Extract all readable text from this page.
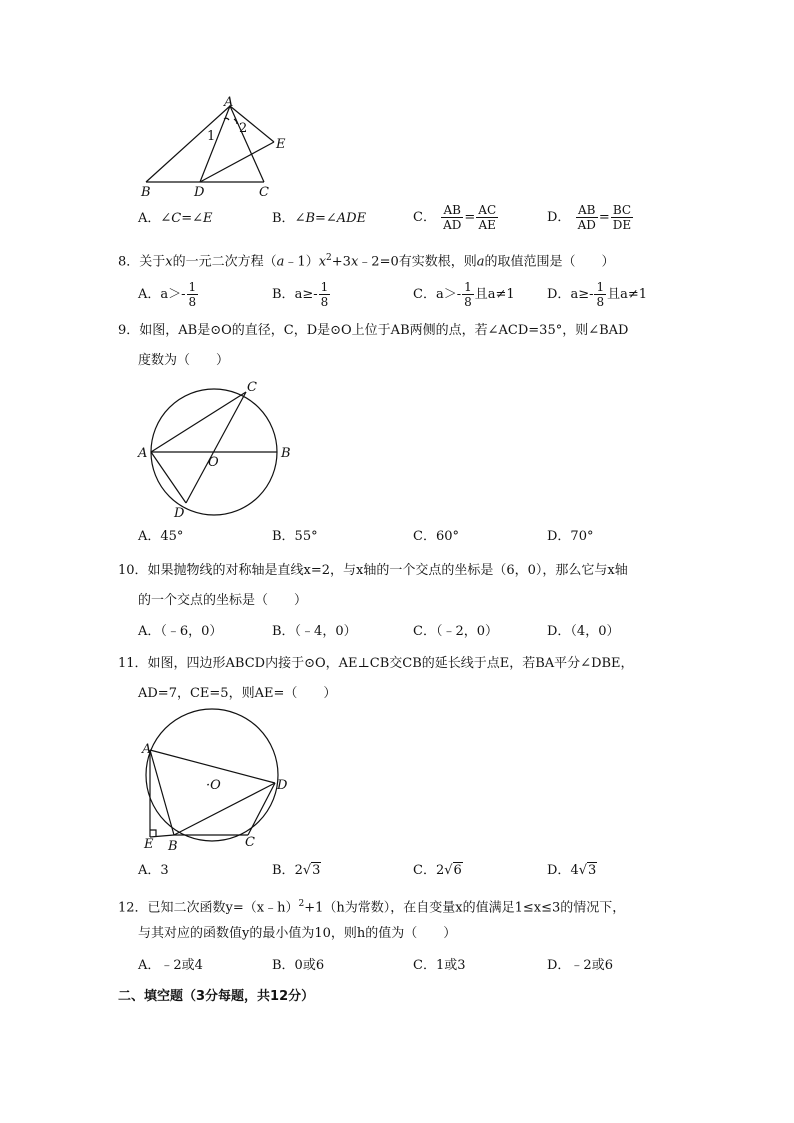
A
B	D	C
E
1
2
A．∠C=∠E	B．∠B=∠ADE	C． $\frac{AB}{AD} = \frac{AC}{AE}$	D． $\frac{AB}{AD} = \frac{BC}{DE}$
8．关于x的一元二次方程$(a﹣1)x^2+3x﹣2=0$有实数根，则a的取值范围是（　　）
A．$a>- \frac{1}{8}$	B．$a\ge- \frac{1}{8}$	C．$a>- \frac{1}{8}$ 且a≠1 D．$a\ge- \frac{1}{8}$ 且a≠1
9．如图，AB是⊙O的直径，C，D是⊙O上位于AB两侧的点，若∠ACD=35°，则∠BAD
度数为（　　）
A	B
C
D
O
A．45°	B．55°	C．60°	D．70°
10．如果抛物线的对称轴是直线x=2，与x轴的一个交点的坐标是（6，0），那么它与x轴
的一个交点的坐标是（　　）
A．（﹣6，0）	B．（﹣4，0）	C．（﹣2，0）	D．（4，0）
11．如图，四边形ABCD内接于⊙O，AE⊥CB交CB的延长线于点E，若BA平分∠DBE，
AD=7，CE=5，则AE=（　　）
A
D
C
B
E
·O
A．3	B．2√3	C．2√6	D．4√3
12．已知二次函数y=（x﹣h）$^2$+1（h为常数），在自变量x的值满足1≤x≤3的情况下，
与其对应的函数值y的最小值为10，则h的值为（　　）
A．﹣2或4	B．0或6	C．1或3	D．﹣2或6
二、填空题（3分每题，共12分）
